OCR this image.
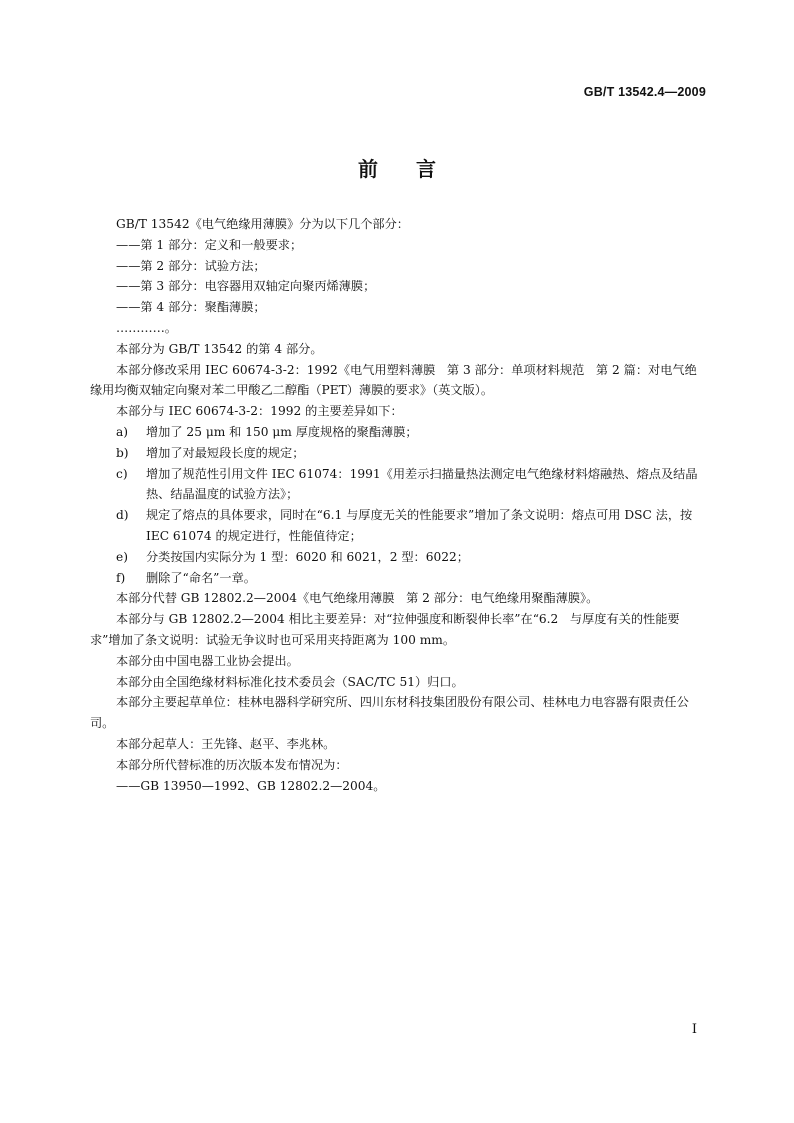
GB/T 13542.4—2009
前言

GB/T 13542《电气绝缘用薄膜》分为以下几个部分：

——第 1 部分：定义和一般要求；

——第 2 部分：试验方法；

——第 3 部分：电容器用双轴定向聚丙烯薄膜；

——第 4 部分：聚酯薄膜；

…………。

本部分为 GB/T 13542 的第 4 部分。

本部分修改采用 IEC 60674-3-2：1992《电气用塑料薄膜   第 3 部分：单项材料规范   第 2 篇：对电气绝缘用均衡双轴定向聚对苯二甲酸乙二醇酯（PET）薄膜的要求》（英文版）。

本部分与 IEC 60674-3-2：1992 的主要差异如下：

a)	增加了 25 μm 和 150 μm 厚度规格的聚酯薄膜；
b)	增加了对最短段长度的规定；
c)	增加了规范性引用文件 IEC 61074：1991《用差示扫描量热法测定电气绝缘材料熔融热、熔点及结晶热、结晶温度的试验方法》；
d)	规定了熔点的具体要求，同时在“6.1 与厚度无关的性能要求”增加了条文说明：熔点可用 DSC 法，按 IEC 61074 的规定进行，性能值待定；
e)	分类按国内实际分为 1 型：6020 和 6021，2 型：6022；
f)	删除了“命名”一章。

本部分代替 GB 12802.2—2004《电气绝缘用薄膜   第 2 部分：电气绝缘用聚酯薄膜》。

本部分与 GB 12802.2—2004 相比主要差异：对“拉伸强度和断裂伸长率”在“6.2   与厚度有关的性能要求”增加了条文说明：试验无争议时也可采用夹持距离为 100 mm。

本部分由中国电器工业协会提出。

本部分由全国绝缘材料标准化技术委员会（SAC/TC 51）归口。

本部分主要起草单位：桂林电器科学研究所、四川东材科技集团股份有限公司、桂林电力电容器有限责任公司。

本部分起草人：王先锋、赵平、李兆林。

本部分所代替标准的历次版本发布情况为：

——GB 13950—1992、GB 12802.2—2004。

I
